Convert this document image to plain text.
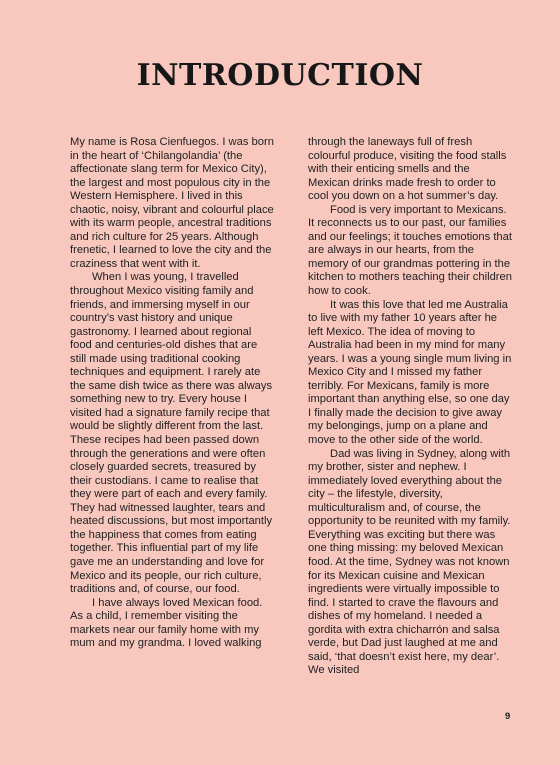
INTRODUCTION

My name is Rosa Cienfuegos. I was born in the heart of ‘Chilangolandia’ (the affectionate slang term for Mexico City), the largest and most populous city in the Western Hemisphere. I lived in this chaotic, noisy, vibrant and colourful place with its warm people, ancestral traditions and rich culture for 25 years. Although frenetic, I learned to love the city and the craziness that went with it.

When I was young, I travelled throughout Mexico visiting family and friends, and immersing myself in our country’s vast history and unique gastronomy. I learned about regional food and centuries-old dishes that are still made using traditional cooking techniques and equipment. I rarely ate the same dish twice as there was always something new to try. Every house I visited had a signature family recipe that would be slightly different from the last. These recipes had been passed down through the generations and were often closely guarded secrets, treasured by their custodians. I came to realise that they were part of each and every family. They had witnessed laughter, tears and heated discussions, but most importantly the happiness that comes from eating together. This influential part of my life gave me an understanding and love for Mexico and its people, our rich culture, traditions and, of course, our food.

I have always loved Mexican food. As a child, I remember visiting the markets near our family home with my mum and my grandma. I loved walking

through the laneways full of fresh colourful produce, visiting the food stalls with their enticing smells and the Mexican drinks made fresh to order to cool you down on a hot summer’s day.

Food is very important to Mexicans. It reconnects us to our past, our families and our feelings; it touches emotions that are always in our hearts, from the memory of our grandmas pottering in the kitchen to mothers teaching their children how to cook.

It was this love that led me Australia to live with my father 10 years after he left Mexico. The idea of moving to Australia had been in my mind for many years. I was a young single mum living in Mexico City and I missed my father terribly. For Mexicans, family is more important than anything else, so one day I finally made the decision to give away my belongings, jump on a plane and move to the other side of the world.

Dad was living in Sydney, along with my brother, sister and nephew. I immediately loved everything about the city – the lifestyle, diversity, multiculturalism and, of course, the opportunity to be reunited with my family. Everything was exciting but there was one thing missing: my beloved Mexican food. At the time, Sydney was not known for its Mexican cuisine and Mexican ingredients were virtually impossible to find. I started to crave the flavours and dishes of my homeland. I needed a gordita with extra chicharrón and salsa verde, but Dad just laughed at me and said, ‘that doesn’t exist here, my dear’. We visited

9
